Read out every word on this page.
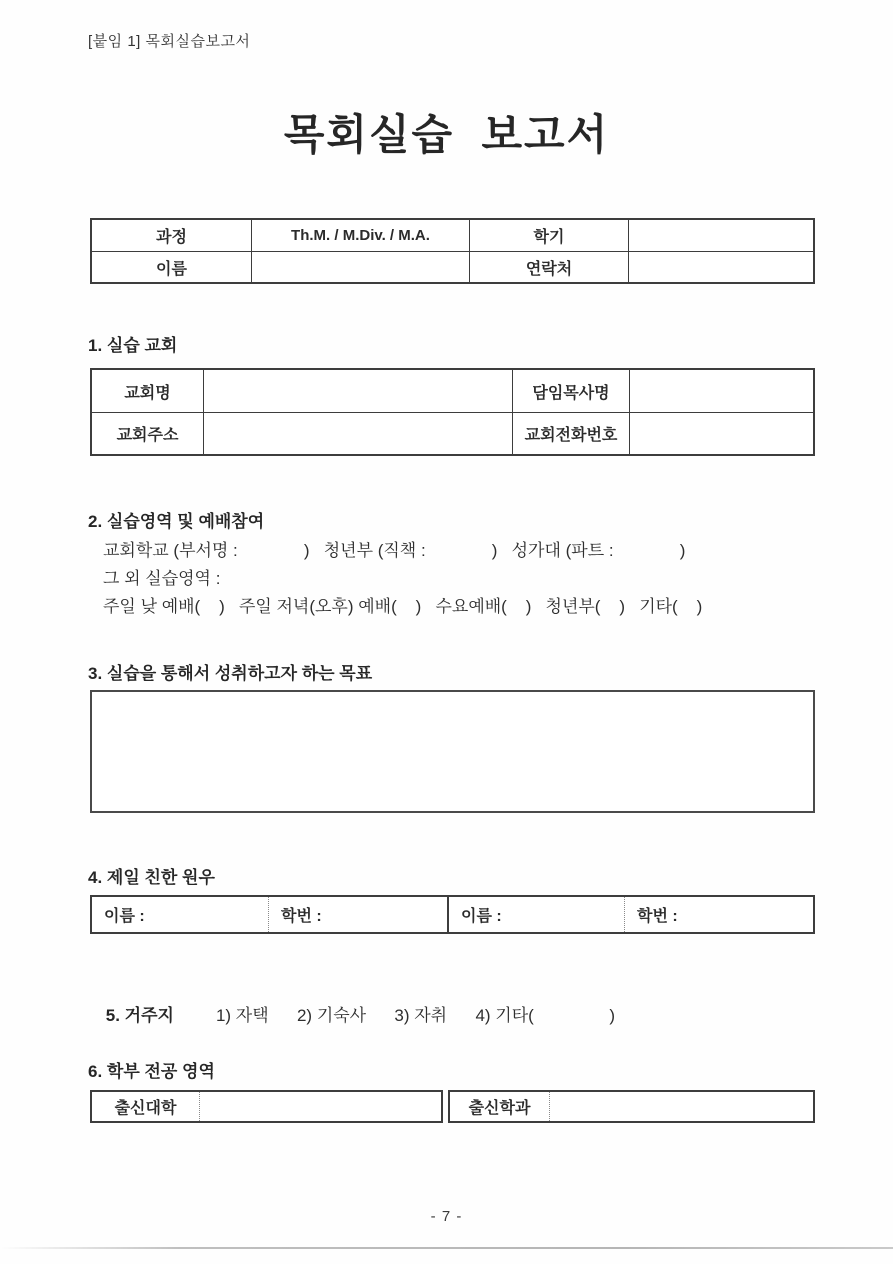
[붙임 1] 목회실습보고서
목회실습  보고서
과정	Th.M. / M.Div. / M.A.	학기
이름	연락처
1. 실습 교회
교회명	담임목사명
교회주소	교회전화번호
2. 실습영역 및 예배참여
교회학교 (부서명 :              )   청년부 (직책 :              )   성가대 (파트 :              )
그 외 실습영역 :
주일 낮 예배(    )   주일 저녁(오후) 예배(    )   수요예배(    )   청년부(    )   기타(    )
3. 실습을 통해서 성취하고자 하는 목표
4. 제일 친한 원우
이름 :	학번 :	이름 :	학번 :

5. 거주지 1) 자택      2) 기숙사      3) 자취      4) 기타(                )

6. 학부 전공 영역
출신대학	출신학과
- 7 -
